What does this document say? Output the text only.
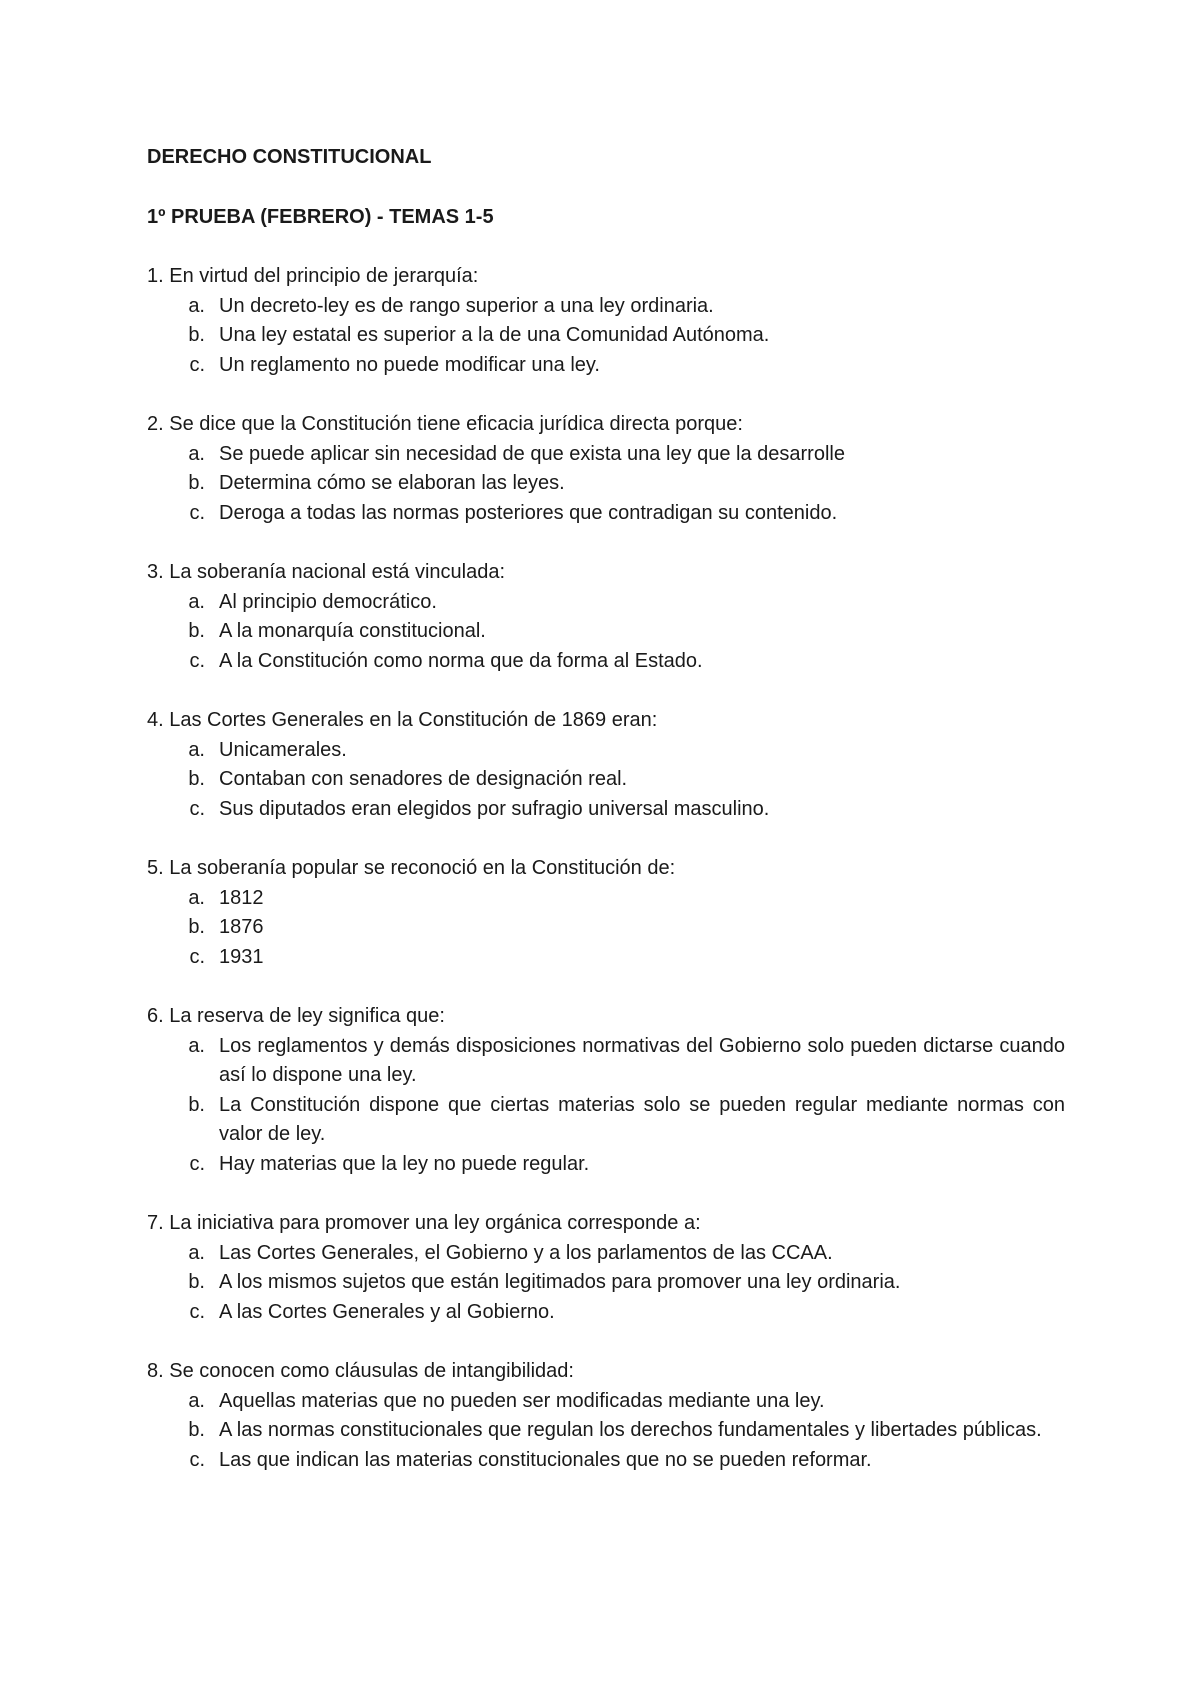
DERECHO CONSTITUCIONAL
1º PRUEBA (FEBRERO) - TEMAS 1-5

1. En virtud del principio de jerarquía:

a. Un decreto-ley es de rango superior a una ley ordinaria.
b. Una ley estatal es superior a la de una Comunidad Autónoma.
c. Un reglamento no puede modificar una ley.

2. Se dice que la Constitución tiene eficacia jurídica directa porque:

a. Se puede aplicar sin necesidad de que exista una ley que la desarrolle
b. Determina cómo se elaboran las leyes.
c. Deroga a todas las normas posteriores que contradigan su contenido.

3. La soberanía nacional está vinculada:

a. Al principio democrático.
b. A la monarquía constitucional.
c. A la Constitución como norma que da forma al Estado.

4. Las Cortes Generales en la Constitución de 1869 eran:

a. Unicamerales.
b. Contaban con senadores de designación real.
c. Sus diputados eran elegidos por sufragio universal masculino.

5. La soberanía popular se reconoció en la Constitución de:

a. 1812
b. 1876
c. 1931

6. La reserva de ley significa que:

a. Los reglamentos y demás disposiciones normativas del Gobierno solo pueden dictarse cuando así lo dispone una ley.
b. La Constitución dispone que ciertas materias solo se pueden regular mediante normas con valor de ley.
c. Hay materias que la ley no puede regular.

7. La iniciativa para promover una ley orgánica corresponde a:

a. Las Cortes Generales, el Gobierno y a los parlamentos de las CCAA.
b. A los mismos sujetos que están legitimados para promover una ley ordinaria.
c. A las Cortes Generales y al Gobierno.

8. Se conocen como cláusulas de intangibilidad:

a. Aquellas materias que no pueden ser modificadas mediante una ley.
b. A las normas constitucionales que regulan los derechos fundamentales y libertades públicas.
c. Las que indican las materias constitucionales que no se pueden reformar.
